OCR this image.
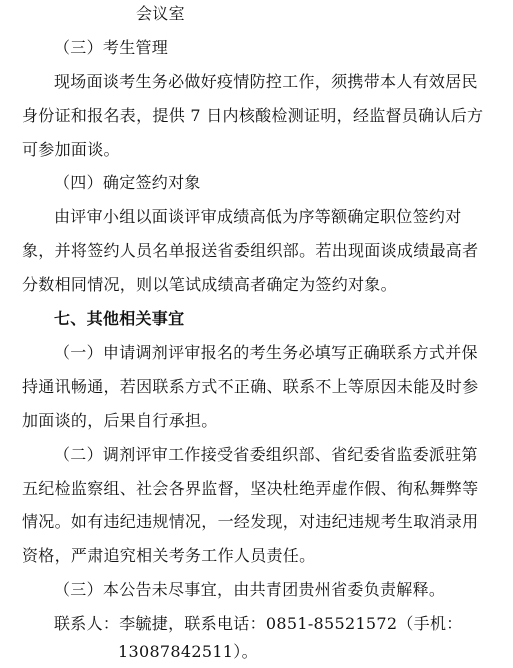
会议室
（三）考生管理
现场面谈考生务必做好疫情防控工作，须携带本人有效居民
身份证和报名表，提供 7 日内核酸检测证明，经监督员确认后方
可参加面谈。
（四）确定签约对象
由评审小组以面谈评审成绩高低为序等额确定职位签约对
象，并将签约人员名单报送省委组织部。若出现面谈成绩最高者
分数相同情况，则以笔试成绩高者确定为签约对象。
七、其他相关事宜
（一）申请调剂评审报名的考生务必填写正确联系方式并保
持通讯畅通，若因联系方式不正确、联系不上等原因未能及时参
加面谈的，后果自行承担。
（二）调剂评审工作接受省委组织部、省纪委省监委派驻第
五纪检监察组、社会各界监督，坚决杜绝弄虚作假、徇私舞弊等
情况。如有违纪违规情况，一经发现，对违纪违规考生取消录用
资格，严肃追究相关考务工作人员责任。
（三）本公告未尽事宜，由共青团贵州省委负责解释。
联系人：李毓捷，联系电话：0851-85521572（手机：
13087842511）。
